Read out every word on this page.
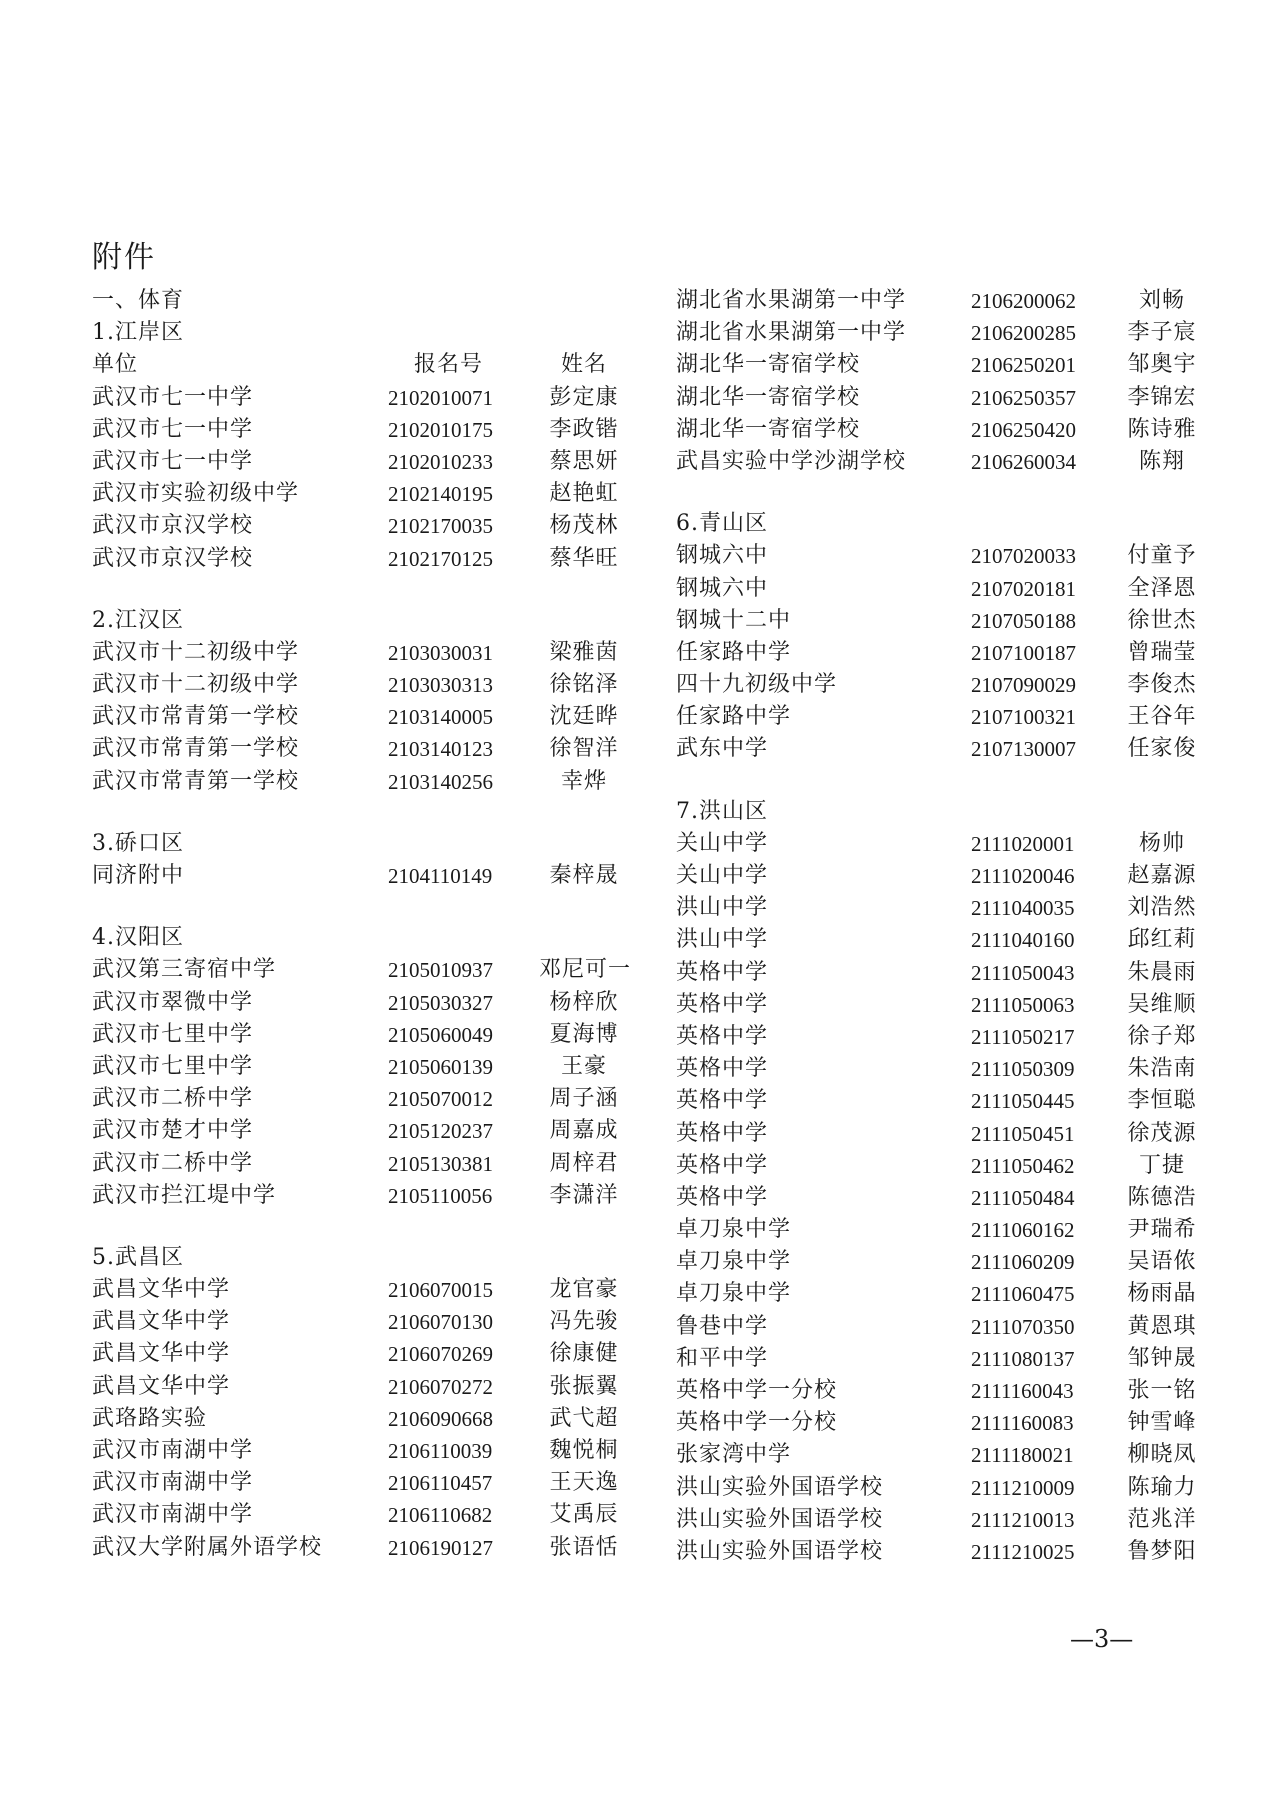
附件
一、体育
1.江岸区
单位	报名号	姓名
武汉市七一中学	2102010071	彭定康
武汉市七一中学	2102010175	李政锴
武汉市七一中学	2102010233	蔡思妍
武汉市实验初级中学	2102140195	赵艳虹
武汉市京汉学校	2102170035	杨茂林
武汉市京汉学校	2102170125	蔡华旺
2.江汉区
武汉市十二初级中学	2103030031	梁雅茵
武汉市十二初级中学	2103030313	徐铭泽
武汉市常青第一学校	2103140005	沈廷晔
武汉市常青第一学校	2103140123	徐智洋
武汉市常青第一学校	2103140256	幸烨
3.硚口区
同济附中	2104110149	秦梓晟
4.汉阳区
武汉第三寄宿中学	2105010937 邓尼可一
武汉市翠微中学	2105030327	杨梓欣
武汉市七里中学	2105060049	夏海博
武汉市七里中学	2105060139	王豪
武汉市二桥中学	2105070012	周子涵
武汉市楚才中学	2105120237	周嘉成
武汉市二桥中学	2105130381	周梓君
武汉市拦江堤中学	2105110056	李潇洋
5.武昌区
武昌文华中学	2106070015	龙官豪
武昌文华中学	2106070130	冯先骏
武昌文华中学	2106070269	徐康健
武昌文华中学	2106070272	张振翼
武珞路实验	2106090668	武弋超
武汉市南湖中学	2106110039	魏悦桐
武汉市南湖中学	2106110457	王天逸
武汉市南湖中学	2106110682	艾禹辰
武汉大学附属外语学校	2106190127	张语恬
湖北省水果湖第一中学	2106200062	刘畅
湖北省水果湖第一中学	2106200285	李子宸
湖北华一寄宿学校	2106250201	邹奥宇
湖北华一寄宿学校	2106250357	李锦宏
湖北华一寄宿学校	2106250420	陈诗雅
武昌实验中学沙湖学校	2106260034	陈翔
6.青山区
钢城六中	2107020033	付童予
钢城六中	2107020181	全泽恩
钢城十二中	2107050188	徐世杰
任家路中学	2107100187	曾瑞莹
四十九初级中学	2107090029	李俊杰
任家路中学	2107100321	王谷年
武东中学	2107130007	任家俊
7.洪山区
关山中学	2111020001	杨帅
关山中学	2111020046	赵嘉源
洪山中学	2111040035	刘浩然
洪山中学	2111040160	邱红莉
英格中学	2111050043	朱晨雨
英格中学	2111050063	吴维顺
英格中学	2111050217	徐子郑
英格中学	2111050309	朱浩南
英格中学	2111050445	李恒聪
英格中学	2111050451	徐茂源
英格中学	2111050462	丁捷
英格中学	2111050484	陈德浩
卓刀泉中学	2111060162	尹瑞希
卓刀泉中学	2111060209	吴语侬
卓刀泉中学	2111060475	杨雨晶
鲁巷中学	2111070350	黄恩琪
和平中学	2111080137	邹钟晟
英格中学一分校	2111160043	张一铭
英格中学一分校	2111160083	钟雪峰
张家湾中学	2111180021	柳晓凤
洪山实验外国语学校	2111210009	陈瑜力
洪山实验外国语学校	2111210013	范兆洋
洪山实验外国语学校	2111210025	鲁梦阳
—3—
